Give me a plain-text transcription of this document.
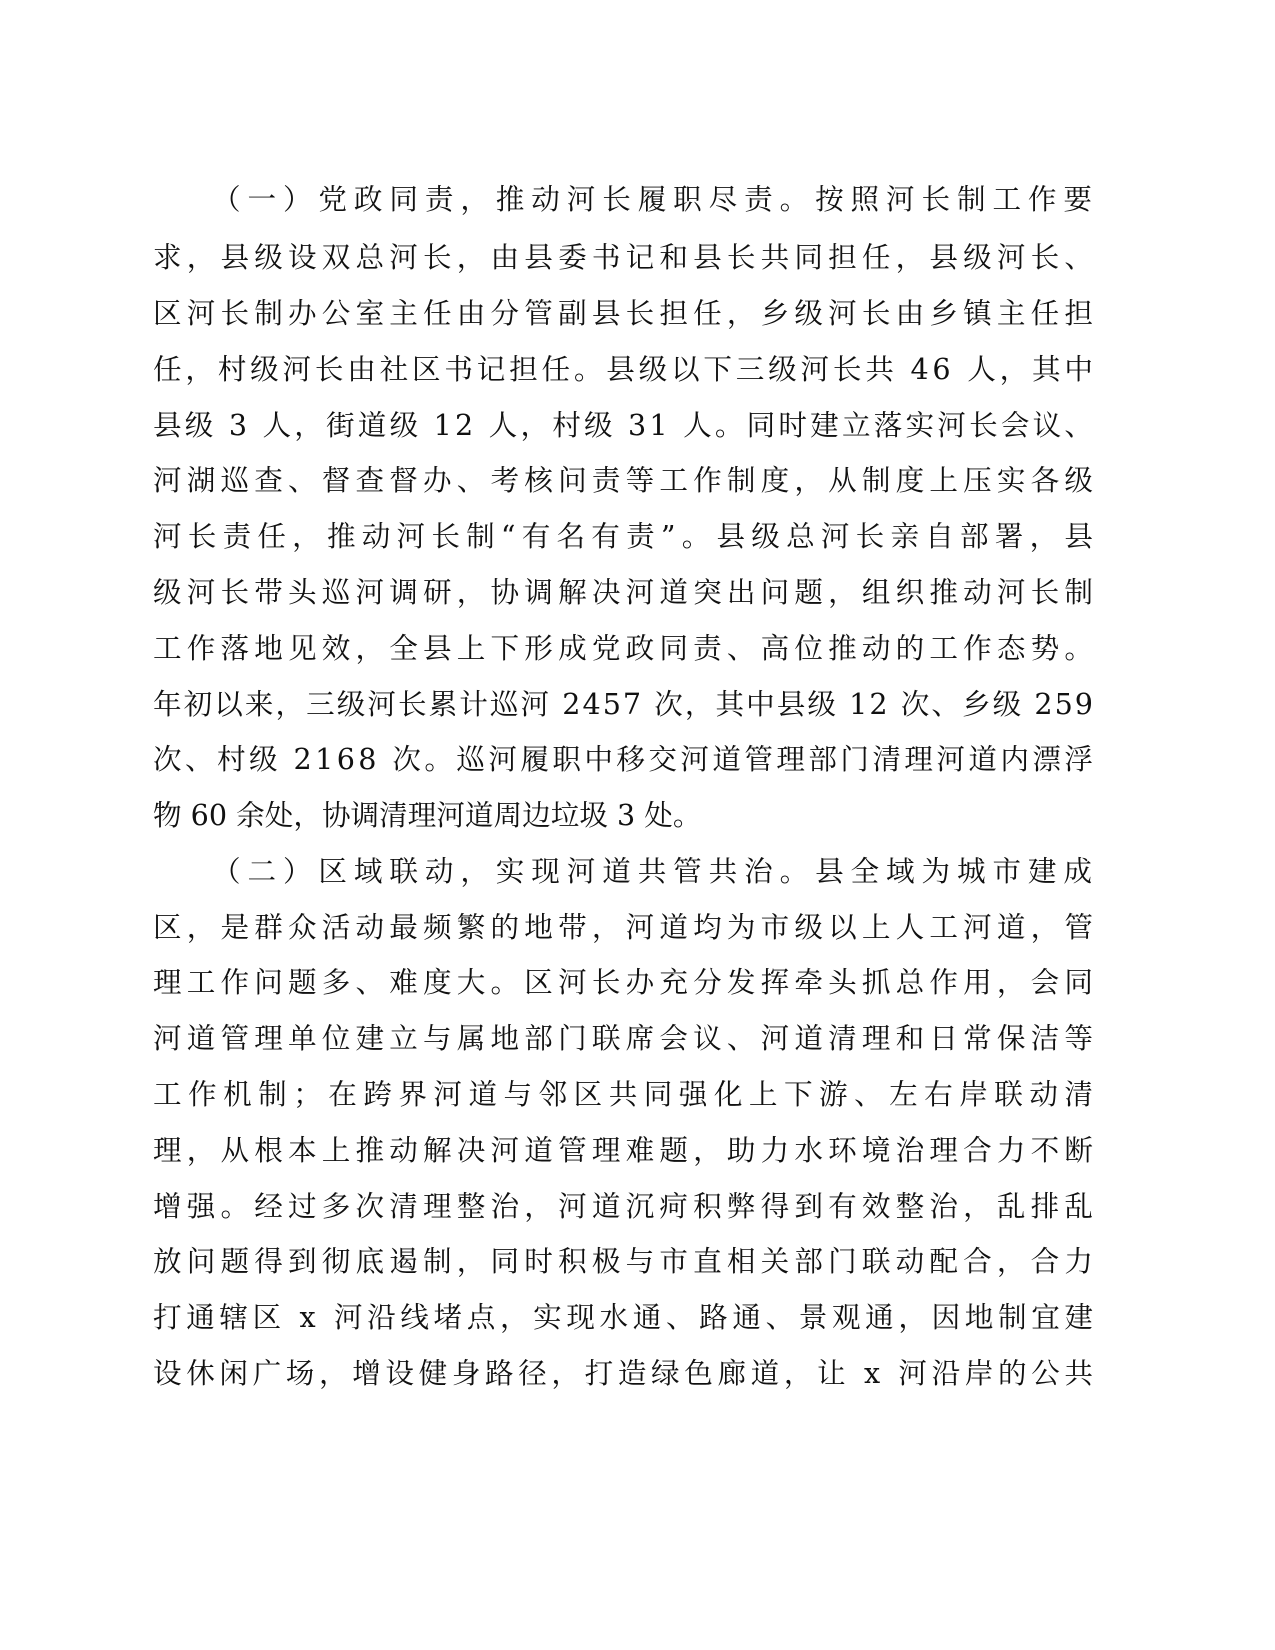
（一）党政同责，推动河长履职尽责。按照河长制工作要
求，县级设双总河长，由县委书记和县长共同担任，县级河长、
区河长制办公室主任由分管副县长担任，乡级河长由乡镇主任担
任，村级河长由社区书记担任。县级以下三级河长共 46 人，其中
县级 3 人，街道级 12 人，村级 31 人。同时建立落实河长会议、
河湖巡查、督查督办、考核问责等工作制度，从制度上压实各级
河长责任，推动河长制“有名有责”。县级总河长亲自部署，县
级河长带头巡河调研，协调解决河道突出问题，组织推动河长制
工作落地见效，全县上下形成党政同责、高位推动的工作态势。
年初以来，三级河长累计巡河 2457 次，其中县级 12 次、乡级 259
次、村级 2168 次。巡河履职中移交河道管理部门清理河道内漂浮
物 60 余处，协调清理河道周边垃圾 3 处。
（二）区域联动，实现河道共管共治。县全域为城市建成
区，是群众活动最频繁的地带，河道均为市级以上人工河道，管
理工作问题多、难度大。区河长办充分发挥牵头抓总作用，会同
河道管理单位建立与属地部门联席会议、河道清理和日常保洁等
工作机制；在跨界河道与邻区共同强化上下游、左右岸联动清
理，从根本上推动解决河道管理难题，助力水环境治理合力不断
增强。经过多次清理整治，河道沉疴积弊得到有效整治，乱排乱
放问题得到彻底遏制，同时积极与市直相关部门联动配合，合力
打通辖区 x 河沿线堵点，实现水通、路通、景观通，因地制宜建
设休闲广场，增设健身路径，打造绿色廊道，让 x 河沿岸的公共
